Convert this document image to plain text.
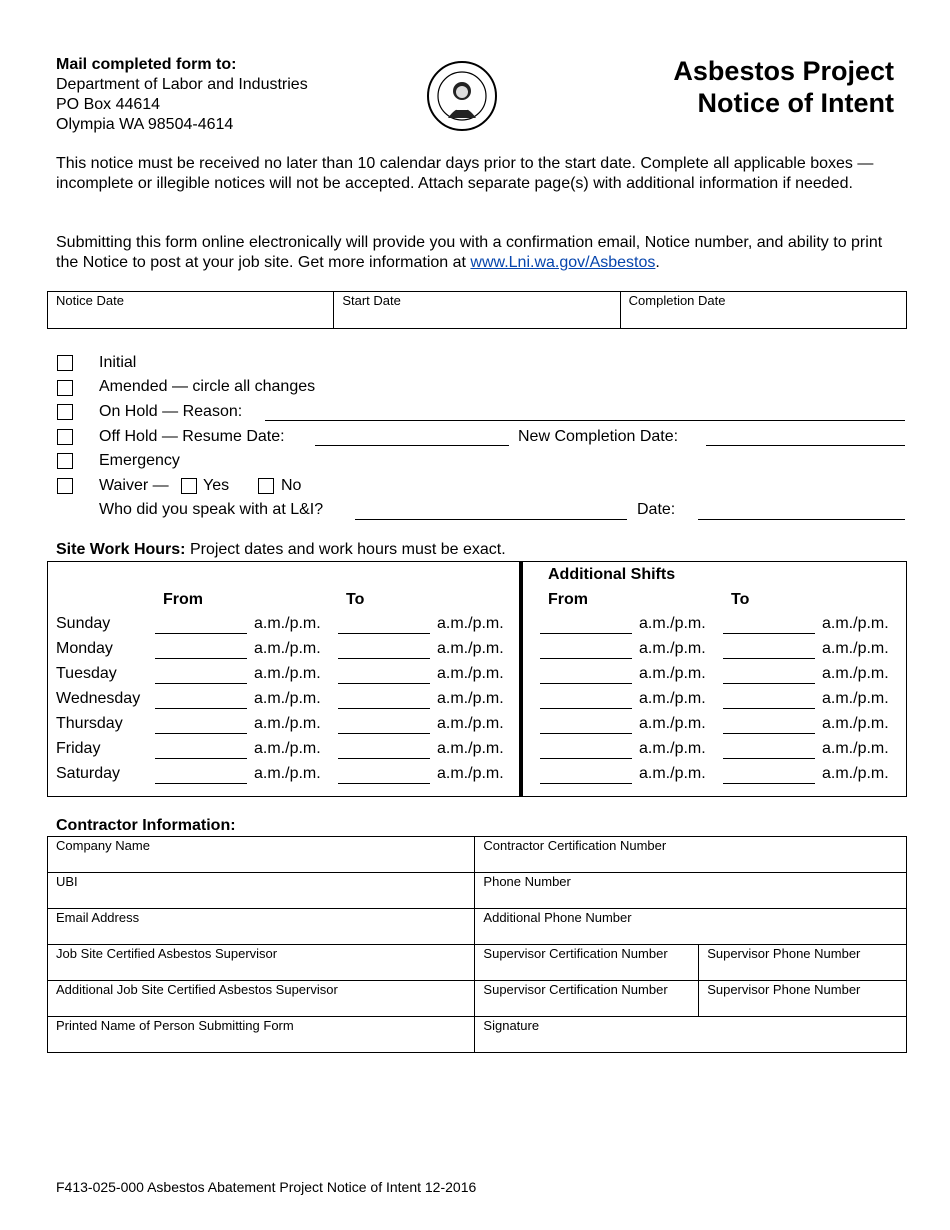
Mail completed form to:
Department of Labor and Industries
PO Box 44614
Olympia WA 98504-4614
Asbestos Project
Notice of Intent
This notice must be received no later than 10 calendar days prior to the start date. Complete all applicable boxes — incomplete or illegible notices will not be accepted. Attach separate page(s) with additional information if needed.
Submitting this form online electronically will provide you with a confirmation email, Notice number, and ability to print the Notice to post at your job site. Get more information at www.Lni.wa.gov/Asbestos.
Notice Date	Start Date	Completion Date
Initial
Amended — circle all changes
On Hold — Reason:
Off Hold — Resume Date:	New Completion Date:
Emergency
Waiver — Yes	No
Who did you speak with at L&I?	Date:
Site Work Hours: Project dates and work hours must be exact.
Additional Shifts
From	To	From	To
Sunday	a.m./p.m.	a.m./p.m.	a.m./p.m.	a.m./p.m.
Monday	a.m./p.m.	a.m./p.m.	a.m./p.m.	a.m./p.m.
Tuesday	a.m./p.m.	a.m./p.m.	a.m./p.m.	a.m./p.m.
Wednesday	a.m./p.m.	a.m./p.m.	a.m./p.m.	a.m./p.m.
Thursday	a.m./p.m.	a.m./p.m.	a.m./p.m.	a.m./p.m.
Friday	a.m./p.m.	a.m./p.m.	a.m./p.m.	a.m./p.m.
Saturday	a.m./p.m.	a.m./p.m.	a.m./p.m.	a.m./p.m.
Contractor Information:
Company Name	Contractor Certification Number	
UBI	Phone Number	
Email Address	Additional Phone Number	
Job Site Certified Asbestos Supervisor	Supervisor Certification Number	Supervisor Phone Number
Additional Job Site Certified Asbestos Supervisor	Supervisor Certification Number	Supervisor Phone Number
Printed Name of Person Submitting Form	Signature	
F413-025-000 Asbestos Abatement Project Notice of Intent 12-2016
